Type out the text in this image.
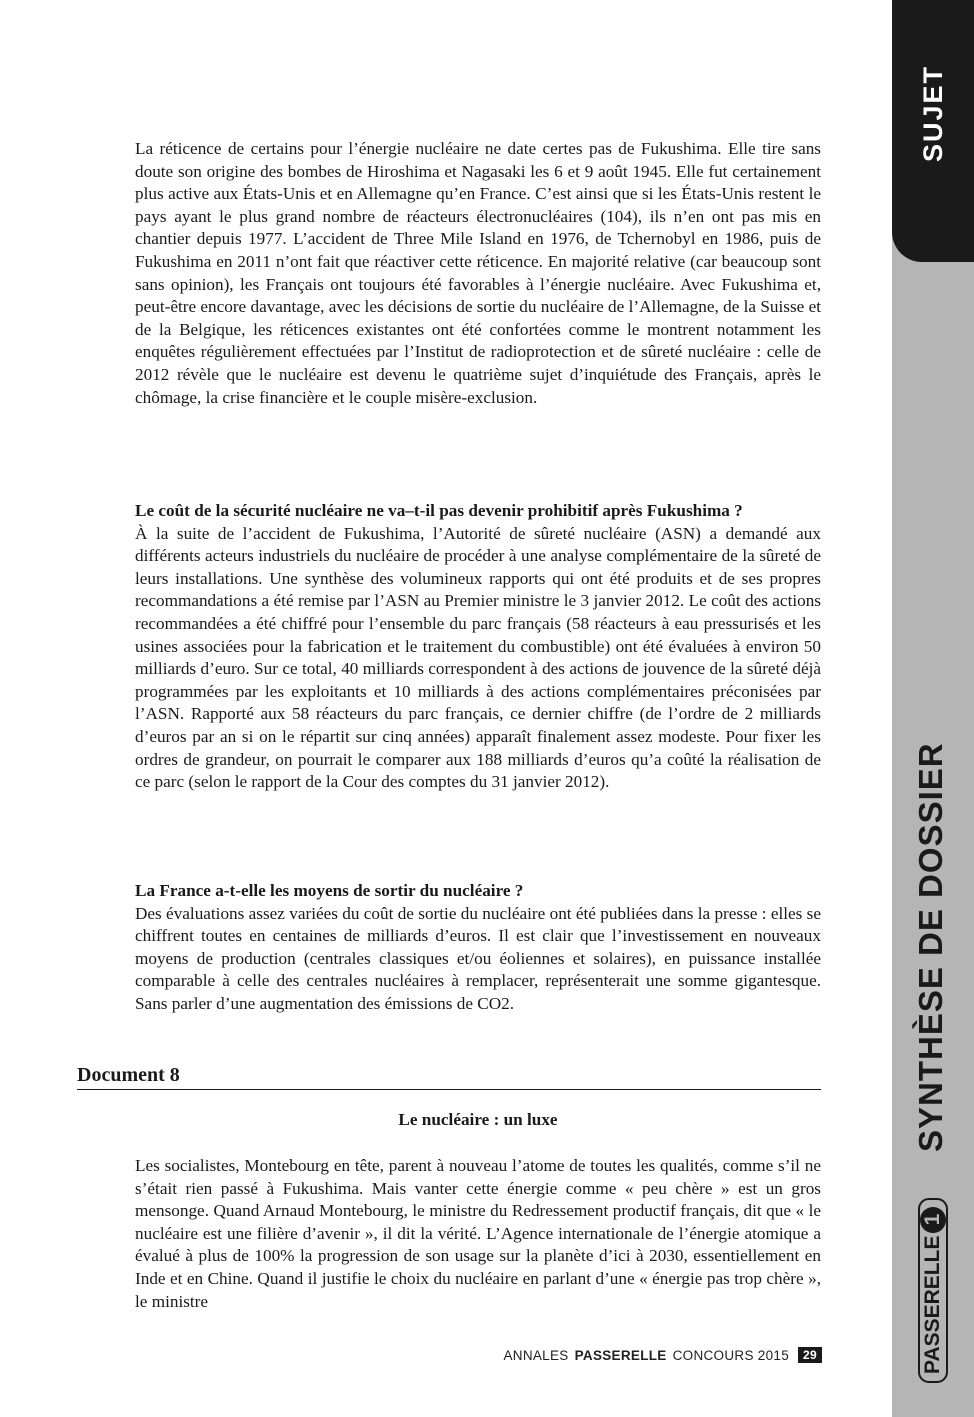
SUJET
SYNTHÈSE DE DOSSIER
PASSERELLE1

La réticence de certains pour l’énergie nucléaire ne date certes pas de Fukushima. Elle tire sans doute son origine des bombes de Hiroshima et Nagasaki les 6 et 9 août 1945. Elle fut certainement plus active aux États-Unis et en Allemagne qu’en France. C’est ainsi que si les États-Unis restent le pays ayant le plus grand nombre de réacteurs électronucléaires (104), ils n’en ont pas mis en chantier depuis 1977. L’accident de Three Mile Island en 1976, de Tchernobyl en 1986, puis de Fukushima en 2011 n’ont fait que réactiver cette réticence. En majorité relative (car beaucoup sont sans opinion), les Français ont toujours été favorables à l’énergie nucléaire. Avec Fukushima et, peut-être encore davantage, avec les décisions de sortie du nucléaire de l’Allemagne, de la Suisse et de la Belgique, les réticences existantes ont été confortées comme le montrent notamment les enquêtes régulièrement effectuées par l’Institut de radioprotection et de sûreté nucléaire : celle de 2012 révèle que le nucléaire est devenu le quatrième sujet d’inquiétude des Français, après le chômage, la crise financière et le couple misère-exclusion.

Le coût de la sécurité nucléaire ne va–t-il pas devenir prohibitif après Fukushima ?

À la suite de l’accident de Fukushima, l’Autorité de sûreté nucléaire (ASN) a demandé aux différents acteurs industriels du nucléaire de procéder à une analyse complémentaire de la sûreté de leurs installations. Une synthèse des volumineux rapports qui ont été produits et de ses propres recommandations a été remise par l’ASN au Premier ministre le 3 janvier 2012. Le coût des actions recommandées a été chiffré pour l’ensemble du parc français (58 réacteurs à eau pressurisés et les usines associées pour la fabrication et le traitement du combustible) ont été évaluées à environ 50 milliards d’euro. Sur ce total, 40 milliards correspondent à des actions de jouvence de la sûreté déjà programmées par les exploitants et 10 milliards à des actions complémentaires préconisées par l’ASN. Rapporté aux 58 réacteurs du parc français, ce dernier chiffre (de l’ordre de 2 milliards d’euros par an si on le répartit sur cinq années) apparaît finalement assez modeste. Pour fixer les ordres de grandeur, on pourrait le comparer aux 188 milliards d’euros qu’a coûté la réalisation de ce parc (selon le rapport de la Cour des comptes du 31 janvier 2012).

La France a-t-elle les moyens de sortir du nucléaire ?

Des évaluations assez variées du coût de sortie du nucléaire ont été publiées dans la presse : elles se chiffrent toutes en centaines de milliards d’euros. Il est clair que l’investissement en nouveaux moyens de production (centrales classiques et/ou éoliennes et solaires), en puissance installée comparable à celle des centrales nucléaires à remplacer, représenterait une somme gigantesque. Sans parler d’une augmentation des émissions de CO2.

Document 8
Le nucléaire : un luxe

Les socialistes, Montebourg en tête, parent à nouveau l’atome de toutes les qualités, comme s’il ne s’était rien passé à Fukushima. Mais vanter cette énergie comme « peu chère » est un gros mensonge. Quand Arnaud Montebourg, le ministre du Redressement productif français, dit que « le nucléaire est une filière d’avenir », il dit la vérité. L’Agence internationale de l’énergie atomique a évalué à plus de 100% la progression de son usage sur la planète d’ici à 2030, essentiellement en Inde et en Chine. Quand il justifie le choix du nucléaire en parlant d’une « énergie pas trop chère », le ministre

ANNALES PASSERELLE CONCOURS 2015	29
